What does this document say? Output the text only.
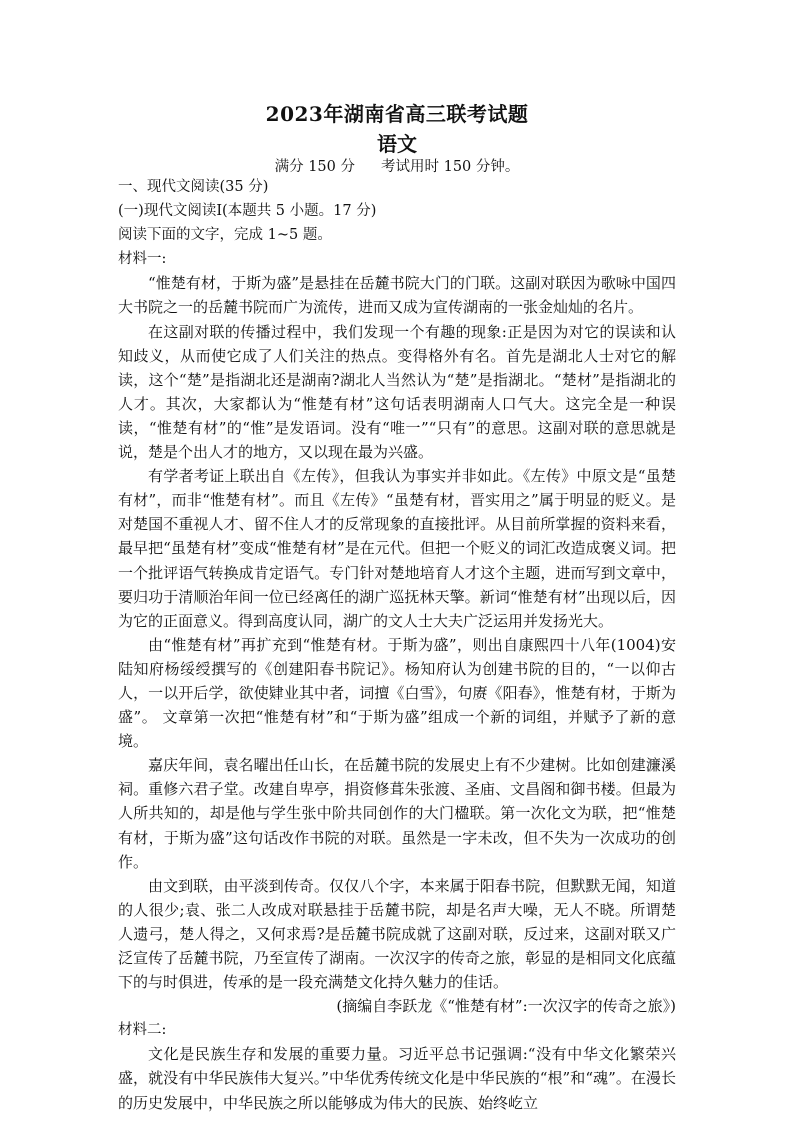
2023年湖南省高三联考试题
语文
满分 150 分 考试用时 150 分钟。

一、现代文阅读(35 分)

(一)现代文阅读Ⅰ(本题共 5 小题。17 分)

阅读下面的文字，完成 1~5 题。

材料一:

“惟楚有材，于斯为盛”是悬挂在岳麓书院大门的门联。这副对联因为歌咏中国四大书院之一的岳麓书院而广为流传，进而又成为宣传湖南的一张金灿灿的名片。

在这副对联的传播过程中，我们发现一个有趣的现象:正是因为对它的误读和认知歧义，从而使它成了人们关注的热点。变得格外有名。首先是湖北人士对它的解读，这个“楚”是指湖北还是湖南?湖北人当然认为“楚”是指湖北。“楚材”是指湖北的人才。其次，大家都认为“惟楚有材”这句话表明湖南人口气大。这完全是一种误读，“惟楚有材”的“惟”是发语词。没有“唯一”“只有”的意思。这副对联的意思就是说，楚是个出人才的地方，又以现在最为兴盛。

有学者考证上联出自《左传》，但我认为事实并非如此。《左传》中原文是“虽楚有材”，而非“惟楚有材”。而且《左传》“虽楚有材，晋实用之”属于明显的贬义。是对楚国不重视人才、留不住人才的反常现象的直接批评。从目前所掌握的资料来看，最早把“虽楚有材”变成“惟楚有材”是在元代。但把一个贬义的词汇改造成褒义词。把一个批评语气转换成肯定语气。专门针对楚地培育人才这个主题，进而写到文章中，要归功于清顺治年间一位已经离任的湖广巡抚林天擎。新词“惟楚有材”出现以后，因为它的正面意义。得到高度认同，湖广的文人士大夫广泛运用并发扬光大。

由“惟楚有材”再扩充到“惟楚有材。于斯为盛”，则出自康熙四十八年(1004)安陆知府杨绥绶撰写的《创建阳春书院记》。杨知府认为创建书院的目的，“一以仰古人，一以开后学，欲使肄业其中者，词擅《白雪》，句赓《阳春》，惟楚有材，于斯为盛”。 文章第一次把“惟楚有材”和“于斯为盛”组成一个新的词组，并赋予了新的意境。

嘉庆年间，袁名曜出任山长，在岳麓书院的发展史上有不少建树。比如创建濂溪祠。重修六君子堂。改建自卑亭，捐资修葺朱张渡、圣庙、文昌阁和御书楼。但最为人所共知的，却是他与学生张中阶共同创作的大门楹联。第一次化文为联，把“惟楚有材，于斯为盛”这句话改作书院的对联。虽然是一字未改，但不失为一次成功的创作。

由文到联，由平淡到传奇。仅仅八个字，本来属于阳春书院，但默默无闻，知道的人很少;袁、张二人改成对联悬挂于岳麓书院，却是名声大噪，无人不晓。所谓楚人遗弓，楚人得之，又何求焉?是岳麓书院成就了这副对联，反过来，这副对联又广泛宣传了岳麓书院，乃至宣传了湖南。一次汉字的传奇之旅，彰显的是相同文化底蕴下的与时俱进，传承的是一段充满楚文化持久魅力的佳话。

(摘编自李跃龙《“惟楚有材”:一次汉字的传奇之旅》)

材料二:

文化是民族生存和发展的重要力量。习近平总书记强调:“没有中华文化繁荣兴盛，就没有中华民族伟大复兴。”中华优秀传统文化是中华民族的“根”和“魂”。在漫长的历史发展中，中华民族之所以能够成为伟大的民族、始终屹立
